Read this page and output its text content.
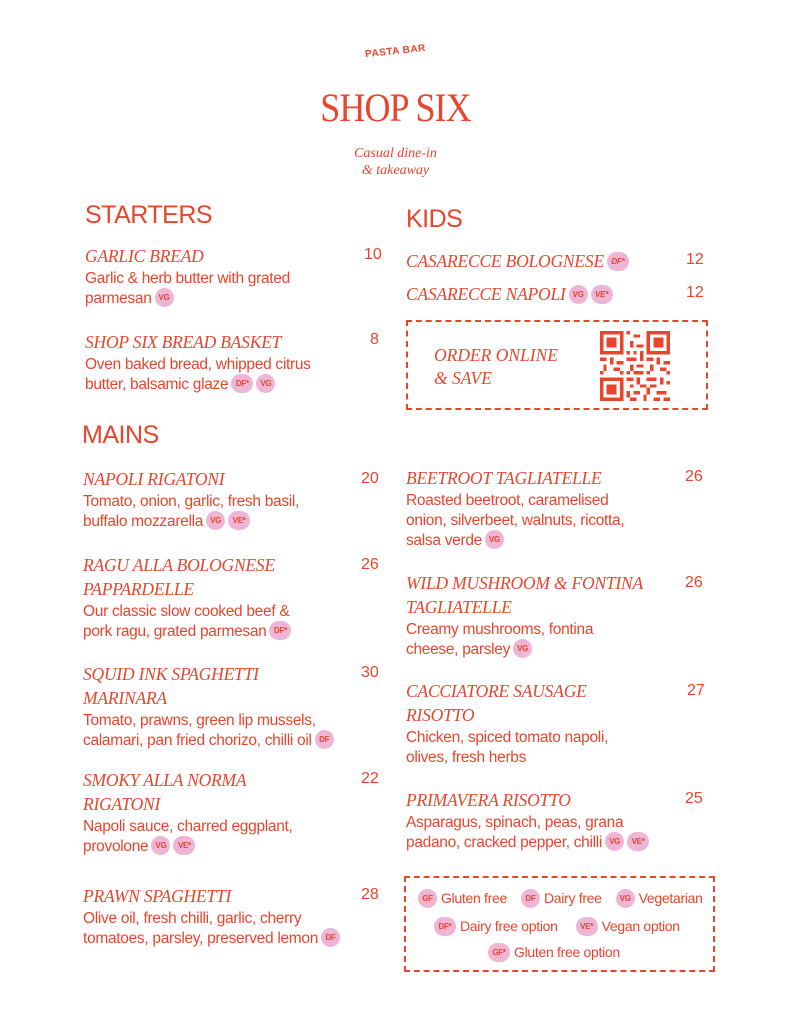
PASTA BAR
SHOP SIX
Casual dine-in
& takeaway
STARTERS
GARLIC BREAD
Garlic & herb butter with grated
parmesan VG
10
SHOP SIX BREAD BASKET
Oven baked bread, whipped citrus
butter, balsamic glaze DF* VG
8
KIDS
CASARECCE BOLOGNESE DF*	12
CASARECCE NAPOLI VG VE*	12
ORDER ONLINE
& SAVE
MAINS
NAPOLI RIGATONI
Tomato, onion, garlic, fresh basil,
buffalo mozzarella VG VE*
20
RAGU ALLA BOLOGNESE
PAPPARDELLE
Our classic slow cooked beef &
pork ragu, grated parmesan DF*
26
SQUID INK SPAGHETTI
MARINARA
Tomato, prawns, green lip mussels,
calamari, pan fried chorizo, chilli oil DF
30
SMOKY ALLA NORMA
RIGATONI
Napoli sauce, charred eggplant,
provolone VG VE*
22
PRAWN SPAGHETTI
Olive oil, fresh chilli, garlic, cherry
tomatoes, parsley, preserved lemon DF
28
BEETROOT TAGLIATELLE
Roasted beetroot, caramelised
onion, silverbeet, walnuts, ricotta,
salsa verde VG
26
WILD MUSHROOM & FONTINA
TAGLIATELLE
Creamy mushrooms, fontina
cheese, parsley VG
26
CACCIATORE SAUSAGE
RISOTTO
Chicken, spiced tomato napoli,
olives, fresh herbs
27
PRIMAVERA RISOTTO
Asparagus, spinach, peas, grana
padano, cracked pepper, chilli VG VE*
25
GF Gluten free DF Dairy free VG Vegetarian
DF* Dairy free option	VE* Vegan option
GF* Gluten free option
